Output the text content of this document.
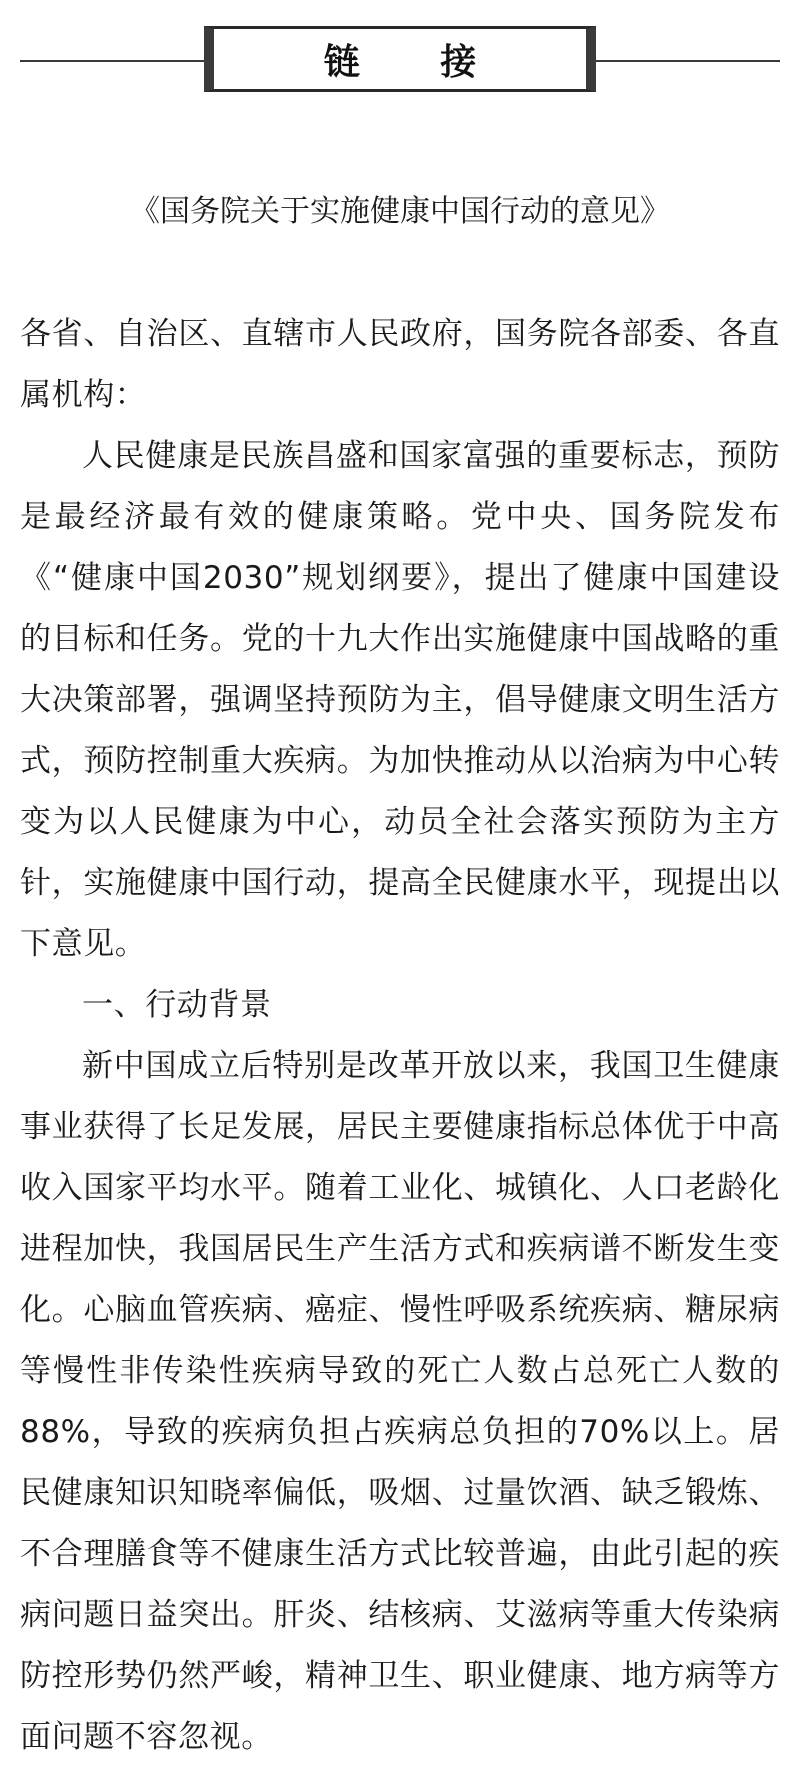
链 接
《国务院关于实施健康中国行动的意见》

各省、自治区、直辖市人民政府，国务院各部委、各直属机构：

人民健康是民族昌盛和国家富强的重要标志，预防是最经济最有效的健康策略。党中央、国务院发布《“健康中国2030”规划纲要》，提出了健康中国建设的目标和任务。党的十九大作出实施健康中国战略的重大决策部署，强调坚持预防为主，倡导健康文明生活方式，预防控制重大疾病。为加快推动从以治病为中心转变为以人民健康为中心，动员全社会落实预防为主方针，实施健康中国行动，提高全民健康水平，现提出以下意见。

一、行动背景

新中国成立后特别是改革开放以来，我国卫生健康事业获得了长足发展，居民主要健康指标总体优于中高收入国家平均水平。随着工业化、城镇化、人口老龄化进程加快，我国居民生产生活方式和疾病谱不断发生变化。心脑血管疾病、癌症、慢性呼吸系统疾病、糖尿病等慢性非传染性疾病导致的死亡人数占总死亡人数的88%，导致的疾病负担占疾病总负担的70%以上。居民健康知识知晓率偏低，吸烟、过量饮酒、缺乏锻炼、不合理膳食等不健康生活方式比较普遍，由此引起的疾病问题日益突出。肝炎、结核病、艾滋病等重大传染病防控形势仍然严峻，精神卫生、职业健康、地方病等方面问题不容忽视。
